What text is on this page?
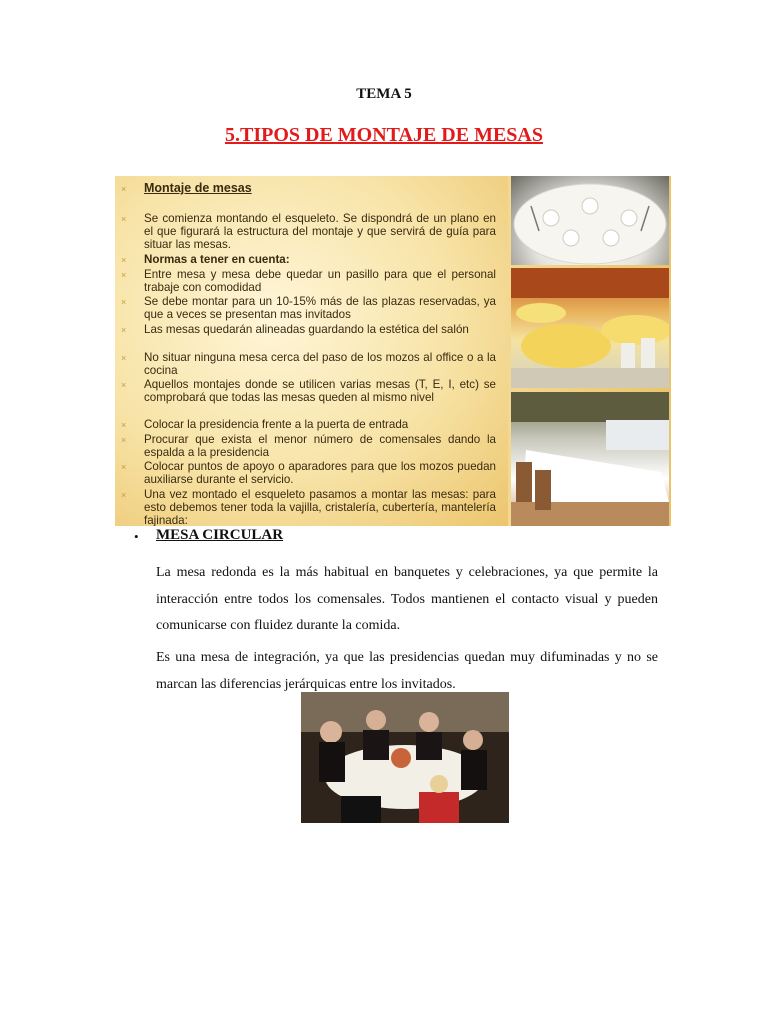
TEMA 5
5.TIPOS DE MONTAJE DE MESAS
× Montaje de mesas
× Se comienza montando el esqueleto. Se dispondrá de un plano en el que figurará la estructura del montaje y que servirá de guía para situar las mesas.
× Normas a tener en cuenta:
× Entre mesa y mesa debe quedar un pasillo para que el personal trabaje con comodidad
× Se debe montar para un 10-15% más de las plazas reservadas, ya que a veces se presentan mas invitados
× Las mesas quedarán alineadas guardando la estética del salón
× No situar ninguna mesa cerca del paso de los mozos al office o a la cocina
× Aquellos montajes donde se utilicen varias mesas (T, E, I, etc) se comprobará que todas las mesas queden al mismo nivel
× Colocar la presidencia frente a la puerta de entrada
× Procurar que exista el menor número de comensales dando la espalda a la presidencia
× Colocar puntos de apoyo o aparadores para que los mozos puedan auxiliarse durante el servicio.
× Una vez montado el esqueleto pasamos a montar las mesas: para esto debemos tener toda la vajilla, cristalería, cubertería, mantelería fajinada:
• MESA CIRCULAR
La mesa redonda es la más habitual en banquetes y celebraciones, ya que permite la interacción entre todos los comensales. Todos mantienen el contacto visual y pueden comunicarse con fluidez durante la comida.
Es una mesa de integración, ya que las presidencias quedan muy difuminadas y no se marcan las diferencias jerárquicas entre los invitados.
